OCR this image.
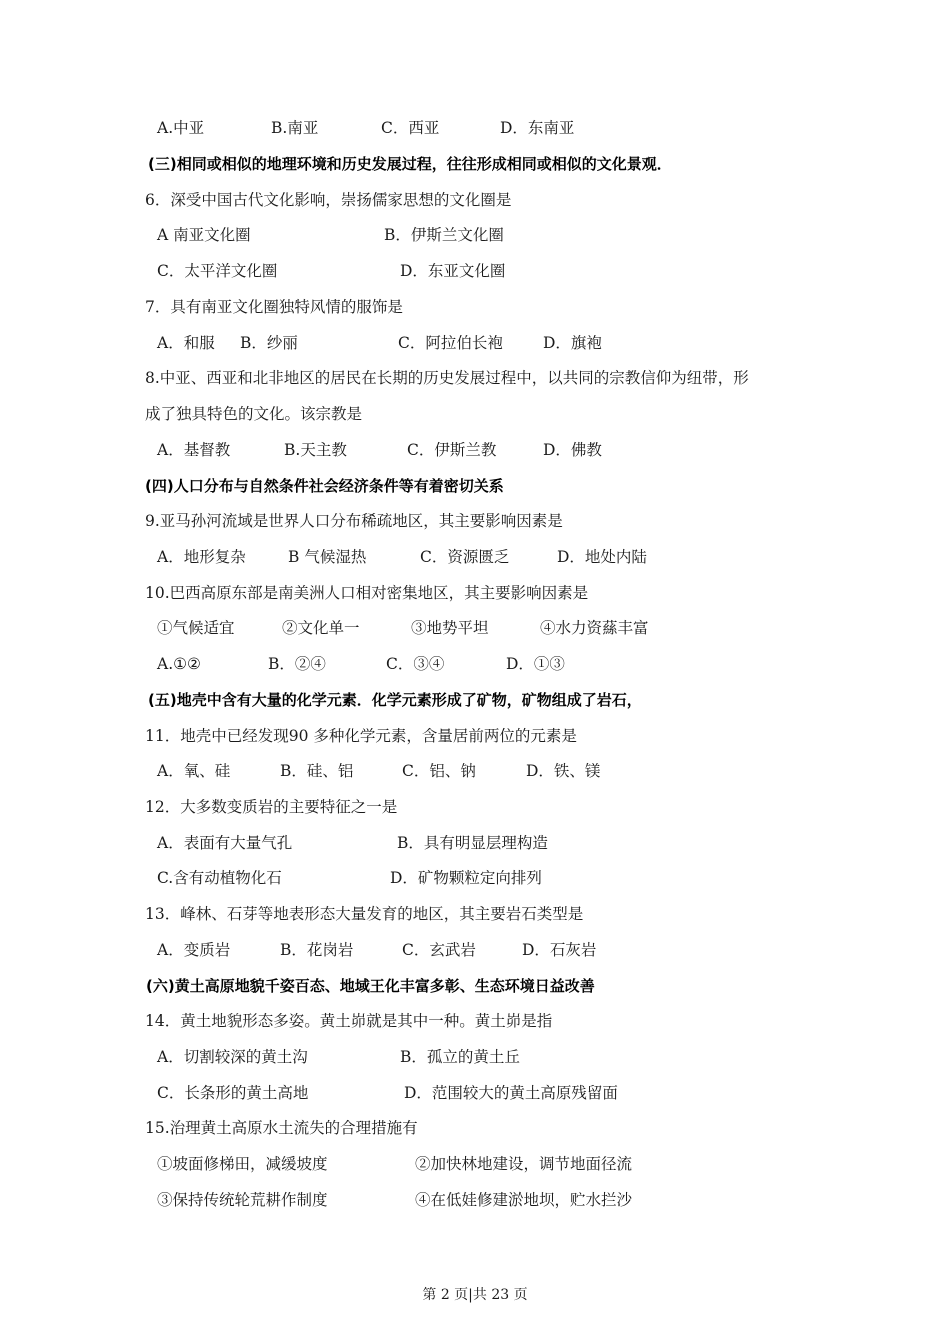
第 2 页|共 23 页
A.中亚	B.南亚	C．西亚	D．东南亚
(三)相同或相似的地理环境和历史发展过程，往往形成相同或相似的文化景观．
6．深受中国古代文化影响，崇扬儒家思想的文化圈是
A 南亚文化圈	B．伊斯兰文化圈
C．太平洋文化圈	D．东亚文化圈
7．具有南亚文化圈独特风情的服饰是
A．和服 B．纱丽	C．阿拉伯长袍	D．旗袍
8.中亚、西亚和北非地区的居民在长期的历史发展过程中，以共同的宗教信仰为纽带，形
成了独具特色的文化。该宗教是
A．基督教	B.天主教	C．伊斯兰教	D．佛教
(四)人口分布与自然条件社会经济条件等有着密切关系
9.亚马孙河流域是世界人口分布稀疏地区，其主要影响因素是
A．地形复杂	B 气候湿热	C．资源匮乏	D．地处内陆
10.巴西高原东部是南美洲人口相对密集地区，其主要影响因素是
①气候适宜	②文化单一	③地势平坦	④水力资蕬丰富
A.①②	B．②④	C．③④	D．①③
(五)地壳中含有大量的化学元素．化学元素形成了矿物，矿物组成了岩石，
11．地壳中已经发现90 多种化学元素，含量居前两位的元素是
A．氧、硅	B．硅、铝	C．铝、钠	D．铁、镁
12．大多数变质岩的主要特征之一是
A．表面有大量气孔	B．具有明显层理构造
C.含有动植物化石	D．矿物颗粒定向排列
13．峰林、石芽等地表形态大量发育的地区，其主要岩石类型是
A．变质岩	B．花岗岩	C．玄武岩	D．石灰岩
(六)黄土高原地貌千姿百态、地域王化丰富多彰、生态环境日益改善
14．黄土地貌形态多姿。黄土峁就是其中一种。黄土峁是指
A．切割较深的黄土沟	B．孤立的黄土丘
C．长条形的黄土高地	D．范围较大的黄土高原残留面
15.治理黄土高原水土流失的合理措施有
①坡面修梯田，减缓坡度	②加快林地建设，调节地面径流
③保持传统轮荒耕作制度	④在低娃修建淤地坝，贮水拦沙
